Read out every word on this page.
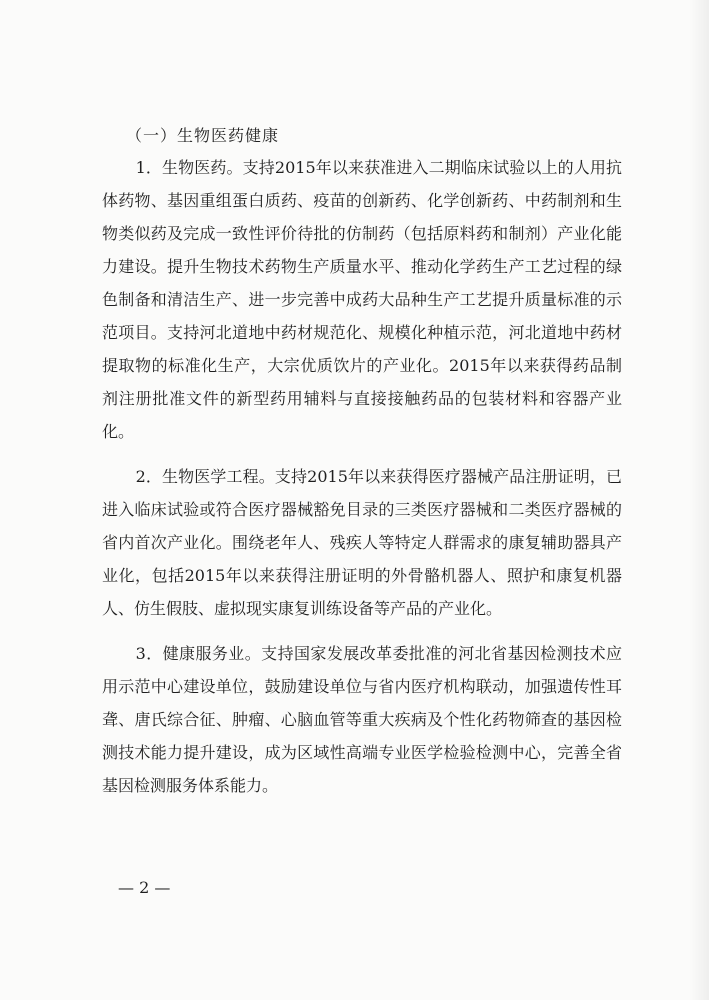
（一）生物医药健康

1．生物医药。支持2015年以来获准进入二期临床试验以上的人用抗体药物、基因重组蛋白质药、疫苗的创新药、化学创新药、中药制剂和生物类似药及完成一致性评价待批的仿制药（包括原料药和制剂）产业化能力建设。提升生物技术药物生产质量水平、推动化学药生产工艺过程的绿色制备和清洁生产、进一步完善中成药大品种生产工艺提升质量标准的示范项目。支持河北道地中药材规范化、规模化种植示范，河北道地中药材提取物的标准化生产，大宗优质饮片的产业化。2015年以来获得药品制剂注册批准文件的新型药用辅料与直接接触药品的包装材料和容器产业化。

2．生物医学工程。支持2015年以来获得医疗器械产品注册证明，已进入临床试验或符合医疗器械豁免目录的三类医疗器械和二类医疗器械的省内首次产业化。围绕老年人、残疾人等特定人群需求的康复辅助器具产业化，包括2015年以来获得注册证明的外骨骼机器人、照护和康复机器人、仿生假肢、虚拟现实康复训练设备等产品的产业化。

3．健康服务业。支持国家发展改革委批准的河北省基因检测技术应用示范中心建设单位，鼓励建设单位与省内医疗机构联动，加强遗传性耳聋、唐氏综合征、肿瘤、心脑血管等重大疾病及个性化药物筛查的基因检测技术能力提升建设，成为区域性高端专业医学检验检测中心，完善全省基因检测服务体系能力。

— 2 —
